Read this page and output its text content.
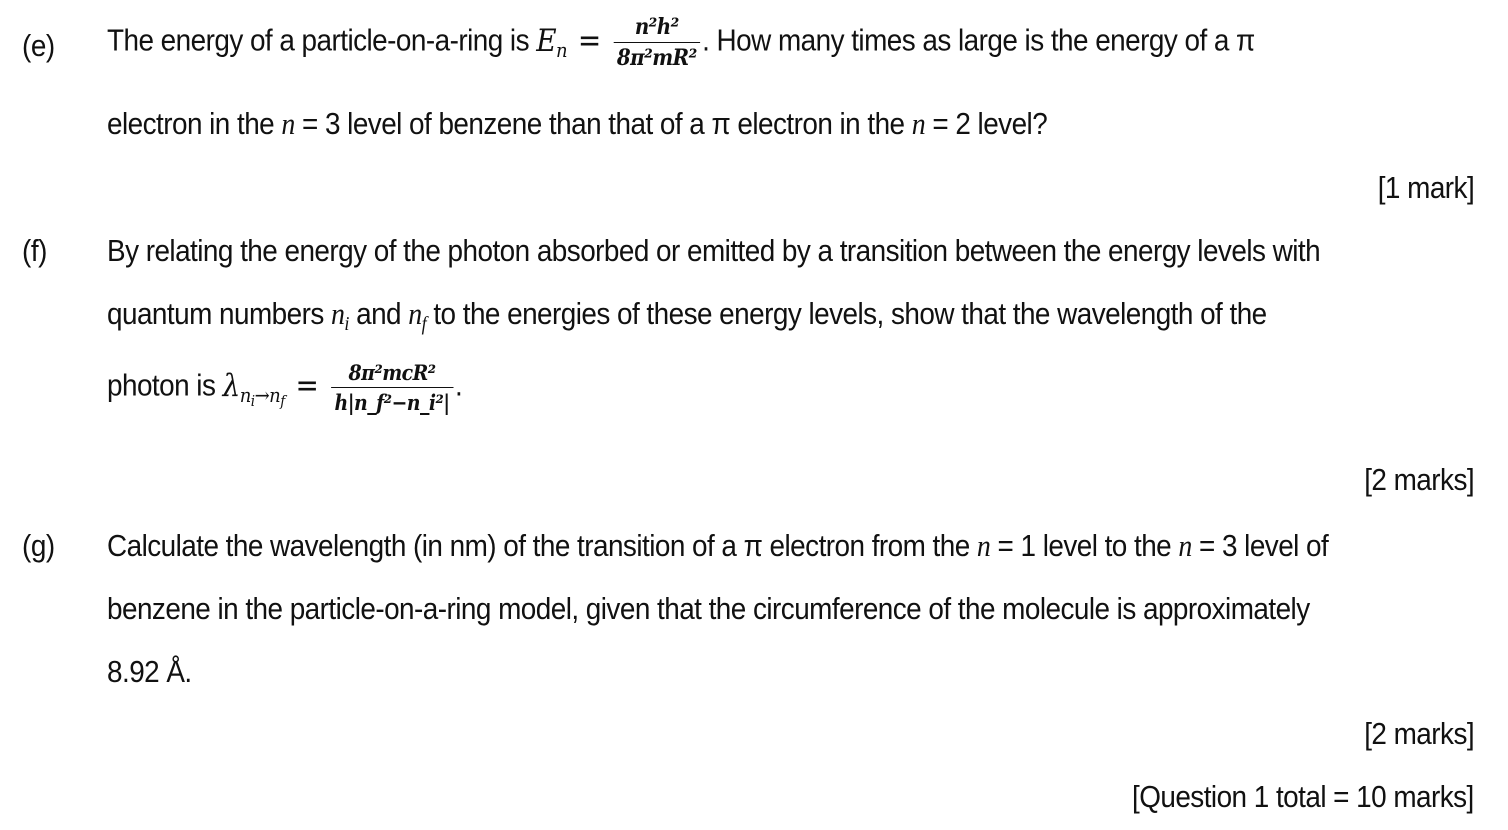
(e) The energy of a particle-on-a-ring is $E_n = \frac{\text{n²h²}}{\text{8π²mR²}}$ . How many times as large is the energy of a π
electron in the n = 3 level of benzene than that of a π electron in the n = 2 level?
[1 mark]
(f) By relating the energy of the photon absorbed or emitted by a transition between the energy levels with
quantum numbers $n_i$ and $n_f$ to the energies of these energy levels, show that the wavelength of the
photon is $\lambda_{n_i\to n_f} = \frac{\text{8π²mcR²}}{\text{h|n\_f²−n\_i²|}}$ .
[2 marks]
(g) Calculate the wavelength (in nm) of the transition of a π electron from the n = 1 level to the n = 3 level of
benzene in the particle-on-a-ring model, given that the circumference of the molecule is approximately
8.92 Å.
[2 marks]
[Question 1 total = 10 marks]
